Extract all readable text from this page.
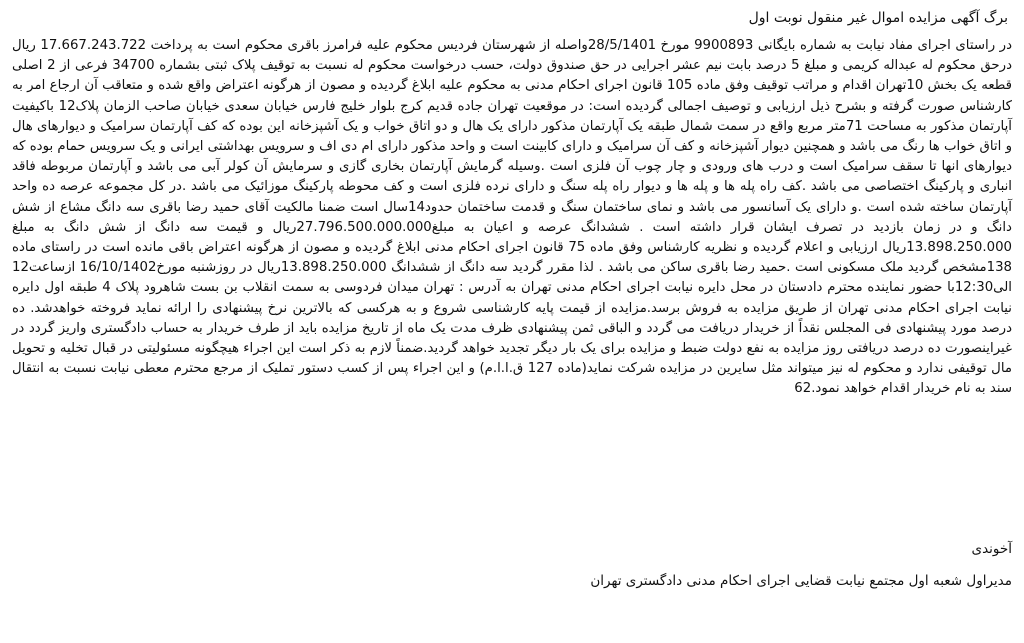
برگ آگهی مزایده اموال غیر منقول نوبت اول

در راستای اجرای مفاد نیابت به شماره بایگانی 9900893 مورخ 28/5/1401واصله از شهرستان فردیس محکوم علیه فرامرز باقری محکوم است به پرداخت 17.667.243.722 ریال درحق محکوم له عبداله کریمی و مبلغ 5 درصد بابت نیم عشر اجرایی در حق صندوق دولت، حسب درخواست محکوم له نسبت به توقیف پلاک ثبتی بشماره 34700 فرعی از 2 اصلی قطعه یک بخش 10تهران اقدام و مراتب توقیف وفق ماده 105 قانون اجرای احکام مدنی به محکوم علیه ابلاغ گردیده و مصون از هرگونه اعتراض واقع شده و متعاقب آن ارجاع امر به کارشناس صورت گرفته و بشرح ذیل ارزیابی و توصیف اجمالی گردیده است: در موقعیت تهران جاده قدیم کرج بلوار خلیج فارس خیابان سعدی خیابان صاحب الزمان پلاک12 باکیفیت آپارتمان مذکور به مساحت 71متر مربع واقع در سمت شمال طبقه یک آپارتمان مذکور دارای یک هال و دو اتاق خواب و یک آشپزخانه این بوده که کف آپارتمان سرامیک و دیوارهای هال و اتاق خواب ها رنگ می باشد و همچنین دیوار آشپزخانه و کف آن سرامیک و دارای کابینت است و واحد مذکور دارای ام دی اف و سرویس بهداشتی ایرانی و یک سرویس حمام بوده که دیوارهای انها تا سقف سرامیک است و درب های ورودی و چار چوب آن فلزی است .وسیله گرمایش آپارتمان بخاری گازی و سرمایش آن کولر آبی می باشد و آپارتمان مربوطه فاقد انباری و پارکینگ اختصاصی می باشد .کف راه پله ها و پله ها و دیوار راه پله سنگ و دارای نرده فلزی است و کف محوطه پارکینگ موزائیک می باشد .در کل مجموعه عرصه ده واحد آپارتمان ساخته شده است .و دارای یک آسانسور می باشد و نمای ساختمان سنگ و قدمت ساختمان حدود14سال است ضمنا مالکیت آقای حمید رضا باقری سه دانگ مشاع از شش دانگ و در زمان بازدید در تصرف ایشان قرار داشته است . ششدانگ عرصه و اعیان به مبلغ27.796.500.000.000ریال و قیمت سه دانگ از شش دانگ به مبلغ 13.898.250.000ریال ارزیابی و اعلام گردیده و نظریه کارشناس وفق ماده 75 قانون اجرای احکام مدنی ابلاغ گردیده و مصون از هرگونه اعتراض باقی مانده است در راستای ماده 138مشخص گردید ملک مسکونی است .حمید رضا باقری ساکن می باشد . لذا مقرر گردید سه دانگ از ششدانگ 13.898.250.000ریال در روزشنبه مورخ16/10/1402 ازساعت12 الی12:30با حضور نماینده محترم دادستان در محل دایره نیابت اجرای احکام مدنی تهران به آدرس : تهران میدان فردوسی به سمت انقلاب بن بست شاهرود پلاک 4 طبقه اول دایره نیابت اجرای احکام مدنی تهران از طریق مزایده به فروش برسد.مزایده از قیمت پایه کارشناسی شروع و به هرکسی که بالاترین نرخ پیشنهادی را ارائه نماید فروخته خواهدشد. ده درصد مورد پیشنهادی فی المجلس نقداً از خریدار دریافت می گردد و الباقی ثمن پیشنهادی ظرف مدت یک ماه از تاریخ مزایده باید از طرف خریدار به حساب دادگستری واریز گردد در غیراینصورت ده درصد دریافتی روز مزایده به نفع دولت ضبط و مزایده برای یک بار دیگر تجدید خواهد گردید.ضمناً لازم به ذکر است این اجراء هیچگونه مسئولیتی در قبال تخلیه و تحویل مال توقیفی ندارد و محکوم له نیز میتواند مثل سایرین در مزایده شرکت نماید(ماده 127 ق.ا.ا.م) و این اجراء پس از کسب دستور تملیک از مرجع محترم معطی نیابت نسبت به انتقال سند به نام خریدار اقدام خواهد نمود.62

آخوندی
مدیراول شعبه اول مجتمع نیابت قضایی اجرای احکام مدنی دادگستری تهران
